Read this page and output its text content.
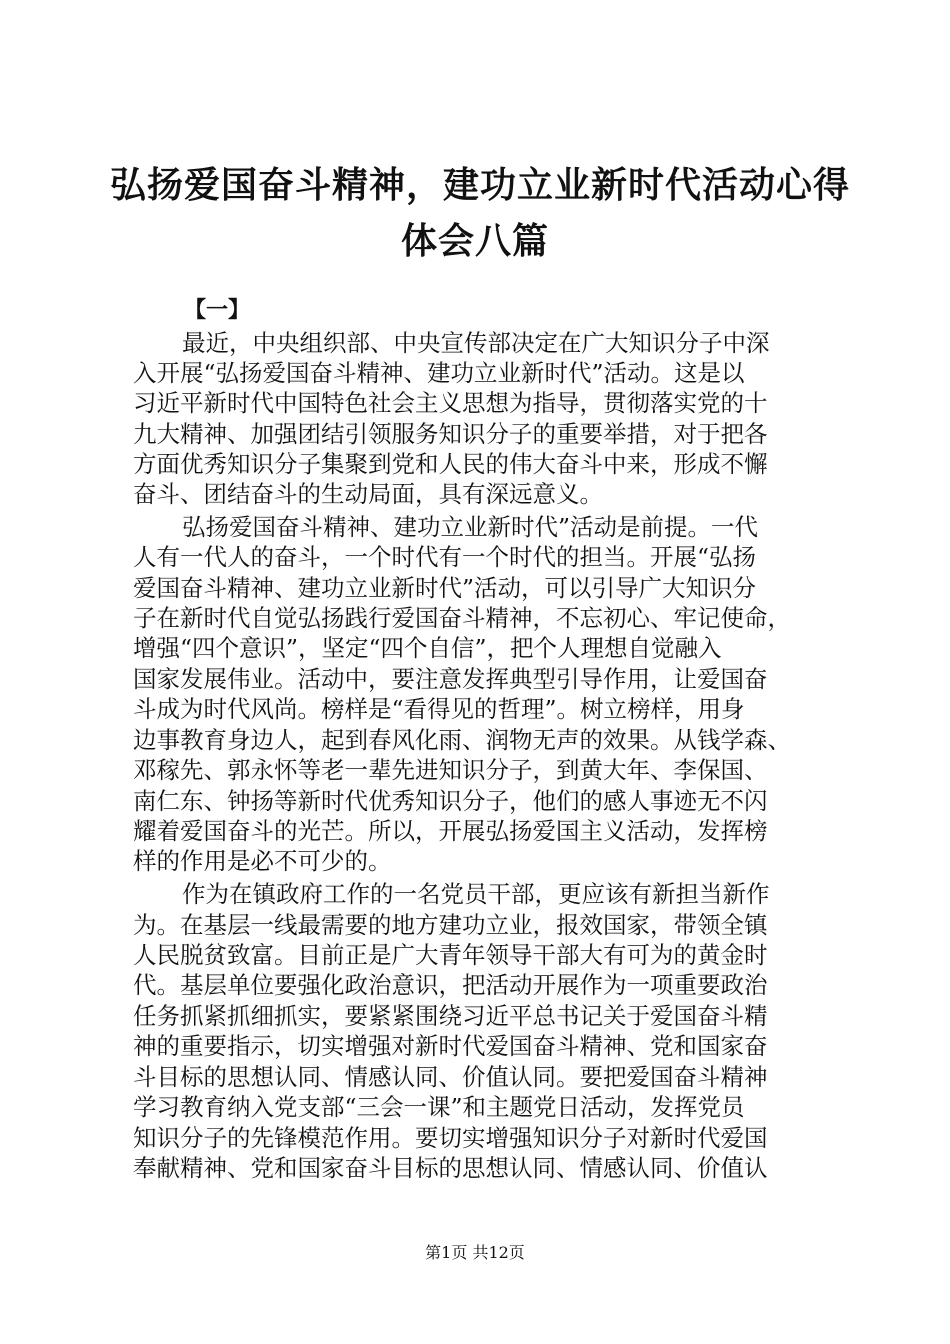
弘扬爱国奋斗精神，建功立业新时代活动心得
体会八篇
【一】
最近，中央组织部、中央宣传部决定在广大知识分子中深
入开展“弘扬爱国奋斗精神、建功立业新时代”活动。这是以
习近平新时代中国特色社会主义思想为指导，贯彻落实党的十
九大精神、加强团结引领服务知识分子的重要举措，对于把各
方面优秀知识分子集聚到党和人民的伟大奋斗中来，形成不懈
奋斗、团结奋斗的生动局面，具有深远意义。
弘扬爱国奋斗精神、建功立业新时代”活动是前提。一代
人有一代人的奋斗，一个时代有一个时代的担当。开展“弘扬
爱国奋斗精神、建功立业新时代”活动，可以引导广大知识分
子在新时代自觉弘扬践行爱国奋斗精神，不忘初心、牢记使命，
增强“四个意识”，坚定“四个自信”，把个人理想自觉融入
国家发展伟业。活动中，要注意发挥典型引导作用，让爱国奋
斗成为时代风尚。榜样是“看得见的哲理”。树立榜样，用身
边事教育身边人，起到春风化雨、润物无声的效果。从钱学森、
邓稼先、郭永怀等老一辈先进知识分子，到黄大年、李保国、
南仁东、钟扬等新时代优秀知识分子，他们的感人事迹无不闪
耀着爱国奋斗的光芒。所以，开展弘扬爱国主义活动，发挥榜
样的作用是必不可少的。
作为在镇政府工作的一名党员干部，更应该有新担当新作
为。在基层一线最需要的地方建功立业，报效国家，带领全镇
人民脱贫致富。目前正是广大青年领导干部大有可为的黄金时
代。基层单位要强化政治意识，把活动开展作为一项重要政治
任务抓紧抓细抓实，要紧紧围绕习近平总书记关于爱国奋斗精
神的重要指示，切实增强对新时代爱国奋斗精神、党和国家奋
斗目标的思想认同、情感认同、价值认同。要把爱国奋斗精神
学习教育纳入党支部“三会一课”和主题党日活动，发挥党员
知识分子的先锋模范作用。要切实增强知识分子对新时代爱国
奉献精神、党和国家奋斗目标的思想认同、情感认同、价值认
第1页 共12页
